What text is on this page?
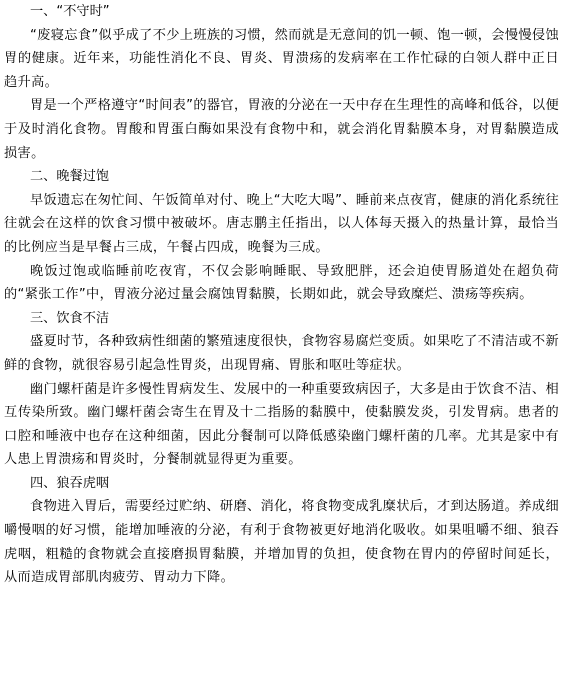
一、“不守时”

“废寝忘食”似乎成了不少上班族的习惯，然而就是无意间的饥一顿、饱一顿，会慢慢侵蚀胃的健康。近年来，功能性消化不良、胃炎、胃溃疡的发病率在工作忙碌的白领人群中正日趋升高。

胃是一个严格遵守“时间表”的器官，胃液的分泌在一天中存在生理性的高峰和低谷，以便于及时消化食物。胃酸和胃蛋白酶如果没有食物中和，就会消化胃黏膜本身，对胃黏膜造成损害。

二、晚餐过饱

早饭遗忘在匆忙间、午饭简单对付、晚上“大吃大喝”、睡前来点夜宵，健康的消化系统往往就会在这样的饮食习惯中被破坏。唐志鹏主任指出，以人体每天摄入的热量计算，最恰当的比例应当是早餐占三成，午餐占四成，晚餐为三成。

晚饭过饱或临睡前吃夜宵，不仅会影响睡眠、导致肥胖，还会迫使胃肠道处在超负荷的“紧张工作”中，胃液分泌过量会腐蚀胃黏膜，长期如此，就会导致糜烂、溃疡等疾病。

三、饮食不洁

盛夏时节，各种致病性细菌的繁殖速度很快，食物容易腐烂变质。如果吃了不清洁或不新鲜的食物，就很容易引起急性胃炎，出现胃痛、胃胀和呕吐等症状。

幽门螺杆菌是许多慢性胃病发生、发展中的一种重要致病因子，大多是由于饮食不洁、相互传染所致。幽门螺杆菌会寄生在胃及十二指肠的黏膜中，使黏膜发炎，引发胃病。患者的口腔和唾液中也存在这种细菌，因此分餐制可以降低感染幽门螺杆菌的几率。尤其是家中有人患上胃溃疡和胃炎时，分餐制就显得更为重要。

四、狼吞虎咽

食物进入胃后，需要经过贮纳、研磨、消化，将食物变成乳糜状后，才到达肠道。养成细嚼慢咽的好习惯，能增加唾液的分泌，有利于食物被更好地消化吸收。如果咀嚼不细、狼吞虎咽，粗糙的食物就会直接磨损胃黏膜，并增加胃的负担，使食物在胃内的停留时间延长，从而造成胃部肌肉疲劳、胃动力下降。
